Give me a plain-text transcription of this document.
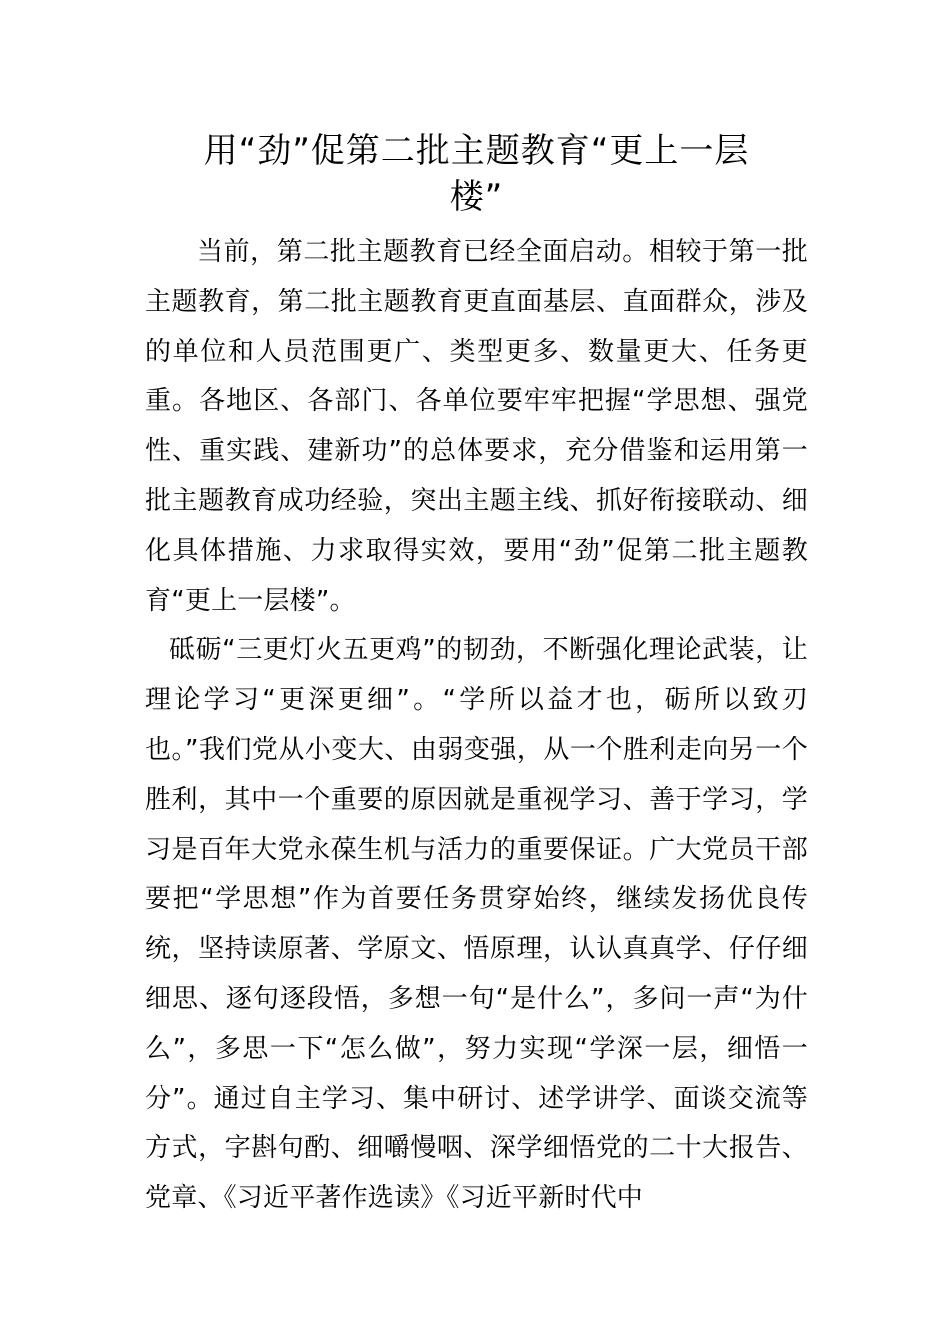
用“劲”促第二批主题教育“更上一层
楼”

当前，第二批主题教育已经全面启动。相较于第一批主题教育，第二批主题教育更直面基层、直面群众，涉及的单位和人员范围更广、类型更多、数量更大、任务更重。各地区、各部门、各单位要牢牢把握“学思想、强党性、重实践、建新功”的总体要求，充分借鉴和运用第一批主题教育成功经验，突出主题主线、抓好衔接联动、细化具体措施、力求取得实效，要用“劲”促第二批主题教育“更上一层楼”。

砥砺“三更灯火五更鸡”的韧劲，不断强化理论武装，让理论学习“更深更细”。“学所以益才也，砺所以致刃也。”我们党从小变大、由弱变强，从一个胜利走向另一个胜利，其中一个重要的原因就是重视学习、善于学习，学习是百年大党永葆生机与活力的重要保证。广大党员干部要把“学思想”作为首要任务贯穿始终，继续发扬优良传统，坚持读原著、学原文、悟原理，认认真真学、仔仔细细思、逐句逐段悟，多想一句“是什么”，多问一声“为什么”，多思一下“怎么做”，努力实现“学深一层，细悟一分”。通过自主学习、集中研讨、述学讲学、面谈交流等方式，字斟句酌、细嚼慢咽、深学细悟党的二十大报告、党章、《习近平著作选读》《习近平新时代中
